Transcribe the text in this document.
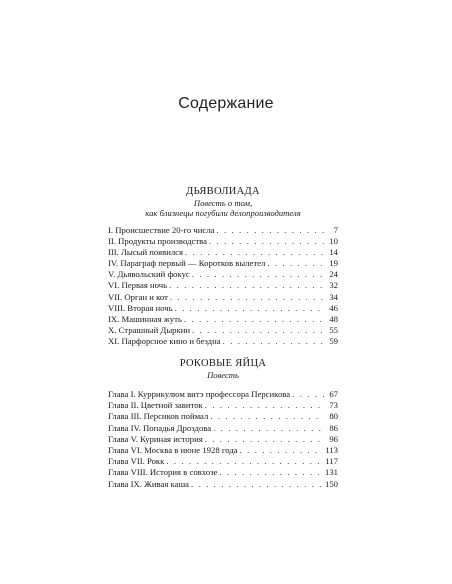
Содержание
ДЬЯВОЛИАДА
Повесть о том,
как близнецы погубили делопроизводителя
I. Происшествие 20-го числа . . .	7
II. Продукты производства . . .	10
III. Лысый появился . . .	14
IV. Параграф первый — Коротков вылетел . . .	19
V. Дьявольский фокус . . .	24
VI. Первая ночь . . .	32
VII. Орган и кот . . .	34
VIII. Вторая ночь . . .	46
IX. Машинная жуть . . .	48
X. Страшный Дыркин . . .	55
XI. Парфорсное кино и бездна . . .	59
РОКОВЫЕ ЯЙЦА
Повесть
Глава I. Куррикулюм витэ профессора Персикова . . .	67
Глава II. Цветной завиток . . .	73
Глава III. Персиков поймал . . .	80
Глава IV. Попадья Дроздова . . .	86
Глава V. Куриная история . . .	96
Глава VI. Москва в июне 1928 года . . .	113
Глава VII. Рокк . . .	117
Глава VIII. История в совхозе . . .	131
Глава IX. Живая каша . . .	150
